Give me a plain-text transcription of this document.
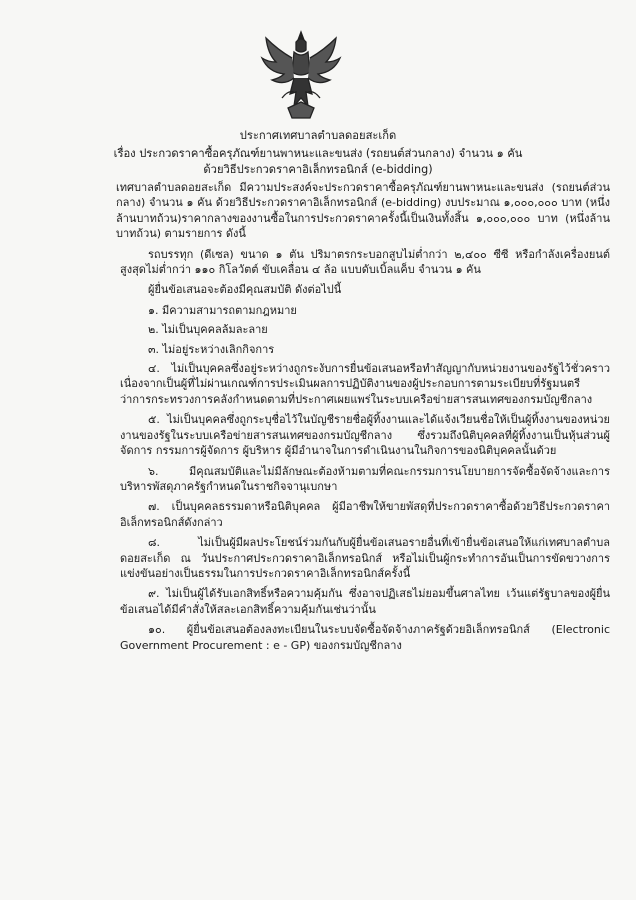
ประกาศเทศบาลตำบลดอยสะเก็ด
เรื่อง ประกวดราคาซื้อครุภัณฑ์ยานพาหนะและขนส่ง (รถยนต์ส่วนกลาง) จำนวน ๑ คัน
ด้วยวิธีประกวดราคาอิเล็กทรอนิกส์ (e-bidding)

เทศบาลตำบลดอยสะเก็ด มีความประสงค์จะประกวดราคาซื้อครุภัณฑ์ยานพาหนะและขนส่ง (รถยนต์ส่วนกลาง) จำนวน ๑ คัน ด้วยวิธีประกวดราคาอิเล็กทรอนิกส์ (e-bidding) งบประมาณ ๑,๐๐๐,๐๐๐ บาท (หนึ่งล้านบาทถ้วน)ราคากลางของงานซื้อในการประกวดราคาครั้งนี้เป็นเงินทั้งสิ้น ๑,๐๐๐,๐๐๐ บาท (หนึ่งล้านบาทถ้วน) ตามรายการ ดังนี้

รถบรรทุก (ดีเซล) ขนาด ๑ ตัน ปริมาตรกระบอกสูบไม่ต่ำกว่า ๒,๔๐๐ ซีซี หรือกำลังเครื่องยนต์สูงสุดไม่ต่ำกว่า ๑๑๐ กิโลวัตต์ ขับเคลื่อน ๔ ล้อ แบบดับเบิ้ลแค็บ จำนวน ๑ คัน

ผู้ยื่นข้อเสนอจะต้องมีคุณสมบัติ ดังต่อไปนี้

๑. มีความสามารถตามกฎหมาย

๒. ไม่เป็นบุคคลล้มละลาย

๓. ไม่อยู่ระหว่างเลิกกิจการ

๔. ไม่เป็นบุคคลซึ่งอยู่ระหว่างถูกระงับการยื่นข้อเสนอหรือทำสัญญากับหน่วยงานของรัฐไว้ชั่วคราว เนื่องจากเป็นผู้ที่ไม่ผ่านเกณฑ์การประเมินผลการปฏิบัติงานของผู้ประกอบการตามระเบียบที่รัฐมนตรีว่าการกระทรวงการคลังกำหนดตามที่ประกาศเผยแพร่ในระบบเครือข่ายสารสนเทศของกรมบัญชีกลาง

๕. ไม่เป็นบุคคลซึ่งถูกระบุชื่อไว้ในบัญชีรายชื่อผู้ทิ้งงานและได้แจ้งเวียนชื่อให้เป็นผู้ทิ้งงานของหน่วยงานของรัฐในระบบเครือข่ายสารสนเทศของกรมบัญชีกลาง ซึ่งรวมถึงนิติบุคคลที่ผู้ทิ้งงานเป็นหุ้นส่วนผู้จัดการ กรรมการผู้จัดการ ผู้บริหาร ผู้มีอำนาจในการดำเนินงานในกิจการของนิติบุคคลนั้นด้วย

๖. มีคุณสมบัติและไม่มีลักษณะต้องห้ามตามที่คณะกรรมการนโยบายการจัดซื้อจัดจ้างและการบริหารพัสดุภาครัฐกำหนดในราชกิจจานุเบกษา

๗. เป็นบุคคลธรรมดาหรือนิติบุคคล ผู้มีอาชีพให้ขายพัสดุที่ประกวดราคาซื้อด้วยวิธีประกวดราคาอิเล็กทรอนิกส์ดังกล่าว

๘. ไม่เป็นผู้มีผลประโยชน์ร่วมกันกับผู้ยื่นข้อเสนอรายอื่นที่เข้ายื่นข้อเสนอให้แก่เทศบาลตำบลดอยสะเก็ด ณ วันประกาศประกวดราคาอิเล็กทรอนิกส์ หรือไม่เป็นผู้กระทำการอันเป็นการขัดขวางการแข่งขันอย่างเป็นธรรมในการประกวดราคาอิเล็กทรอนิกส์ครั้งนี้

๙. ไม่เป็นผู้ได้รับเอกสิทธิ์หรือความคุ้มกัน ซึ่งอาจปฏิเสธไม่ยอมขึ้นศาลไทย เว้นแต่รัฐบาลของผู้ยื่นข้อเสนอได้มีคำสั่งให้สละเอกสิทธิ์ความคุ้มกันเช่นว่านั้น

๑๐. ผู้ยื่นข้อเสนอต้องลงทะเบียนในระบบจัดซื้อจัดจ้างภาครัฐด้วยอิเล็กทรอนิกส์ (Electronic Government Procurement : e - GP) ของกรมบัญชีกลาง
